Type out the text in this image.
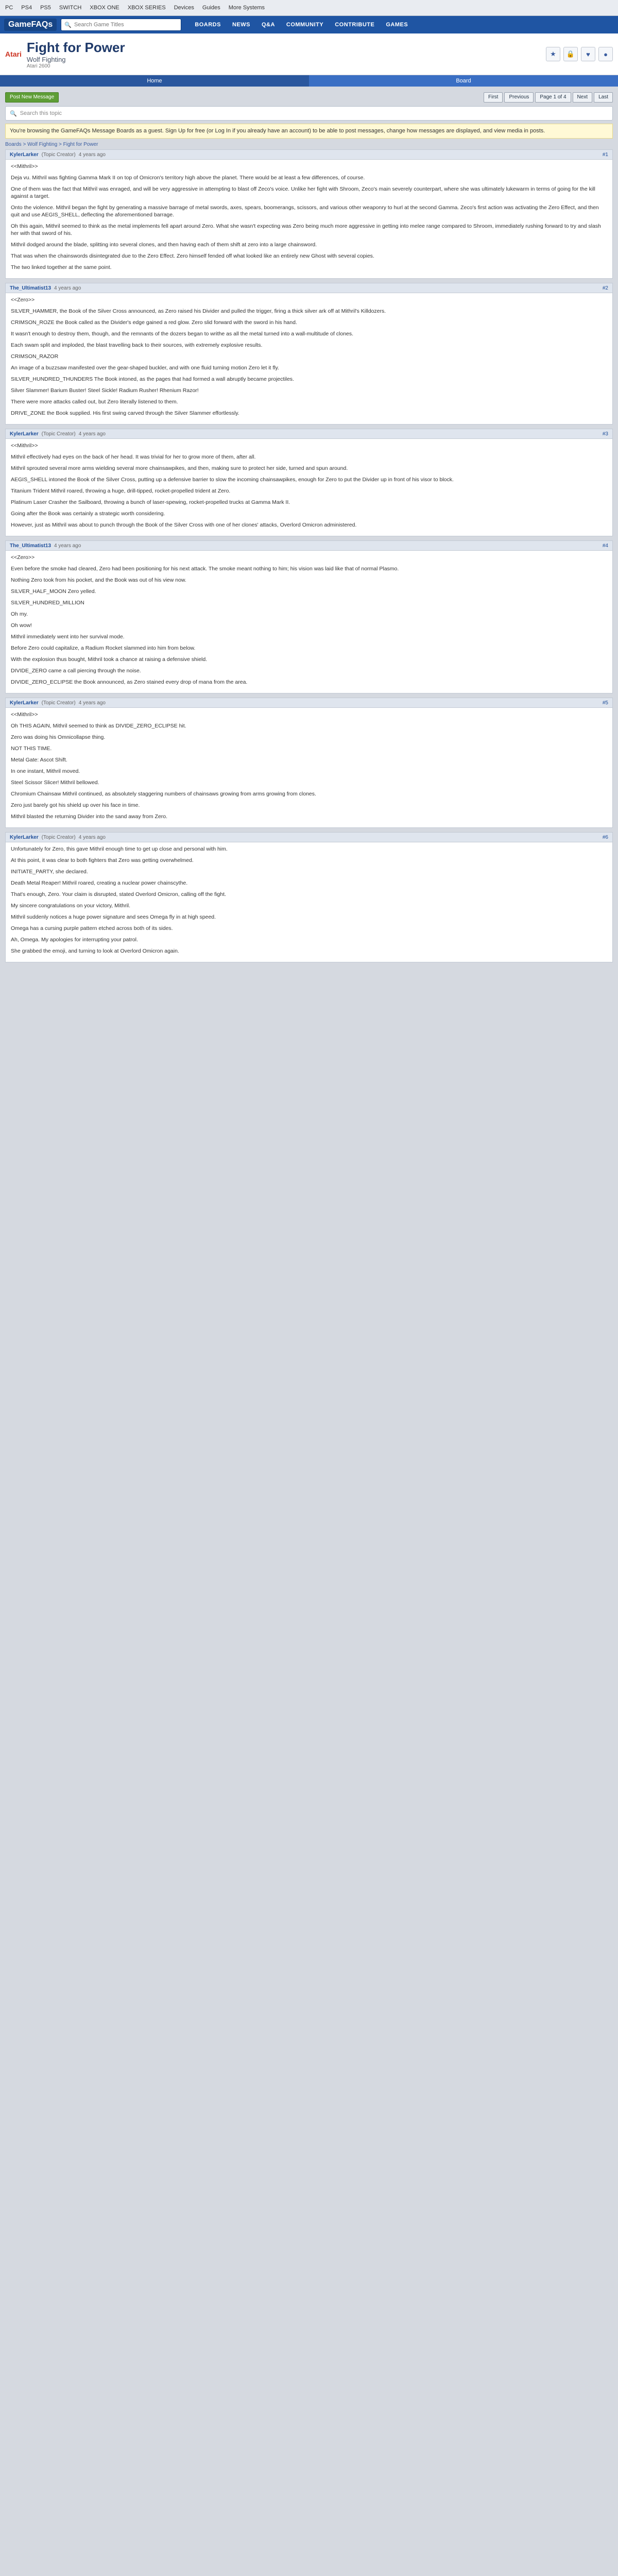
PC PS4 PS5 SWITCH XBOX ONE XBOX SERIES Devices Guides More Systems
GameFAQs	🔍 Search Game Titles	BOARDS	NEWS	Q&A	COMMUNITY	CONTRIBUTE	GAMES
Atari Fight for Power
Wolf Fighting
Atari 2600
★	🔒	♥	●
Home	Board
Post New Message	First	Previous	Page 1 of 4	Next	Last
🔍 Search this topic
You're browsing the GameFAQs Message Boards as a guest. Sign Up for free (or Log In if you already have an account) to be able to post messages, change how messages are displayed, and view media in posts.
Boards > Wolf Fighting > Fight for Power
KylerLarker (Topic Creator) 4 years ago	#1

<<Mithril>>

Deja vu. Mithril was fighting Gamma Mark II on top of Omicron's territory high above the planet. There would be at least a few differences, of course.

One of them was the fact that Mithril was enraged, and will be very aggressive in attempting to blast off Zeco's voice. Unlike her fight with Shroom, Zeco's main severely counterpart, where she was ultimately lukewarm in terms of going for the kill against a target.

Onto the violence. Mithril began the fight by generating a massive barrage of metal swords, axes, spears, boomerangs, scissors, and various other weaponry to hurl at the second Gamma. Zeco's first action was activating the Zero Effect, and then quit and use AEGIS_SHELL, deflecting the aforementioned barrage.

Oh this again, Mithril seemed to think as the metal implements fell apart around Zero. What she wasn't expecting was Zero being much more aggressive in getting into melee range compared to Shroom, immediately rushing forward to try and slash her with that sword of his.

Mithril dodged around the blade, splitting into several clones, and then having each of them shift at zero into a large chainsword.

That was when the chainswords disintegrated due to the Zero Effect. Zero himself fended off what looked like an entirely new Ghost with several copies.

The two linked together at the same point.

The_Ultimatist13 4 years ago	#2

<<Zero>>

SILVER_HAMMER, the Book of the Silver Cross announced, as Zero raised his Divider and pulled the trigger, firing a thick silver ark off at Mithril's Killdozers.

CRIMSON_ROZE the Book called as the Divider's edge gained a red glow. Zero slid forward with the sword in his hand.

It wasn't enough to destroy them, though, and the remnants of the dozers began to writhe as all the metal turned into a wall-multitude of clones.

Each swam split and imploded, the blast travelling back to their sources, with extremely explosive results.

CRIMSON_RAZOR

An image of a buzzsaw manifested over the gear-shaped buckler, and with one fluid turning motion Zero let it fly.

SILVER_HUNDRED_THUNDERS The Book intoned, as the pages that had formed a wall abruptly became projectiles.

Silver Slammer! Barium Buster! Steel Sickle! Radium Rusher! Rhenium Razor!

There were more attacks called out, but Zero literally listened to them.

DRIVE_ZONE the Book supplied. His first swing carved through the Silver Slammer effortlessly.

KylerLarker (Topic Creator) 4 years ago	#3

<<Mithril>>

Mithril effectively had eyes on the back of her head. It was trivial for her to grow more of them, after all.

Mithril sprouted several more arms wielding several more chainsawpikes, and then, making sure to protect her side, turned and spun around.

AEGIS_SHELL intoned the Book of the Silver Cross, putting up a defensive barrier to slow the incoming chainsawpikes, enough for Zero to put the Divider up in front of his visor to block.

Titanium Trident Mithril roared, throwing a huge, drill-tipped, rocket-propelled trident at Zero.

Platinum Laser Crasher the Sailboard, throwing a bunch of laser-spewing, rocket-propelled trucks at Gamma Mark II.

Going after the Book was certainly a strategic worth considering.

However, just as Mithril was about to punch through the Book of the Silver Cross with one of her clones' attacks, Overlord Omicron administered.

The_Ultimatist13 4 years ago	#4

<<Zero>>

Even before the smoke had cleared, Zero had been positioning for his next attack. The smoke meant nothing to him; his vision was laid like that of normal Plasmo.

Nothing Zero took from his pocket, and the Book was out of his view now.

SILVER_HALF_MOON Zero yelled.

SILVER_HUNDRED_MILLION

Oh my.

Oh wow!

Mithril immediately went into her survival mode.

Before Zero could capitalize, a Radium Rocket slammed into him from below.

With the explosion thus bought, Mithril took a chance at raising a defensive shield.

DIVIDE_ZERO came a call piercing through the noise.

DIVIDE_ZERO_ECLIPSE the Book announced, as Zero stained every drop of mana from the area.

KylerLarker (Topic Creator) 4 years ago	#5

<<Mithril>>

Oh THIS AGAIN, Mithril seemed to think as DIVIDE_ZERO_ECLIPSE hit.

Zero was doing his Omnicollapse thing.

NOT THIS TIME.

Metal Gate: Ascot Shift.

In one instant, Mithril moved.

Steel Scissor Slicer! Mithril bellowed.

Chromium Chainsaw Mithril continued, as absolutely staggering numbers of chainsaws growing from arms growing from clones.

Zero just barely got his shield up over his face in time.

Mithril blasted the returning Divider into the sand away from Zero.

KylerLarker (Topic Creator) 4 years ago	#6

Unfortunately for Zero, this gave Mithril enough time to get up close and personal with him.

At this point, it was clear to both fighters that Zero was getting overwhelmed.

INITIATE_PARTY, she declared.

Death Metal Reaper! Mithril roared, creating a nuclear power chainscythe.

That's enough, Zero. Your claim is disrupted, stated Overlord Omicron, calling off the fight.

My sincere congratulations on your victory, Mithril.

Mithril suddenly notices a huge power signature and sees Omega fly in at high speed.

Omega has a cursing purple pattern etched across both of its sides.

Ah, Omega. My apologies for interrupting your patrol.

She grabbed the emoji, and turning to look at Overlord Omicron again.
